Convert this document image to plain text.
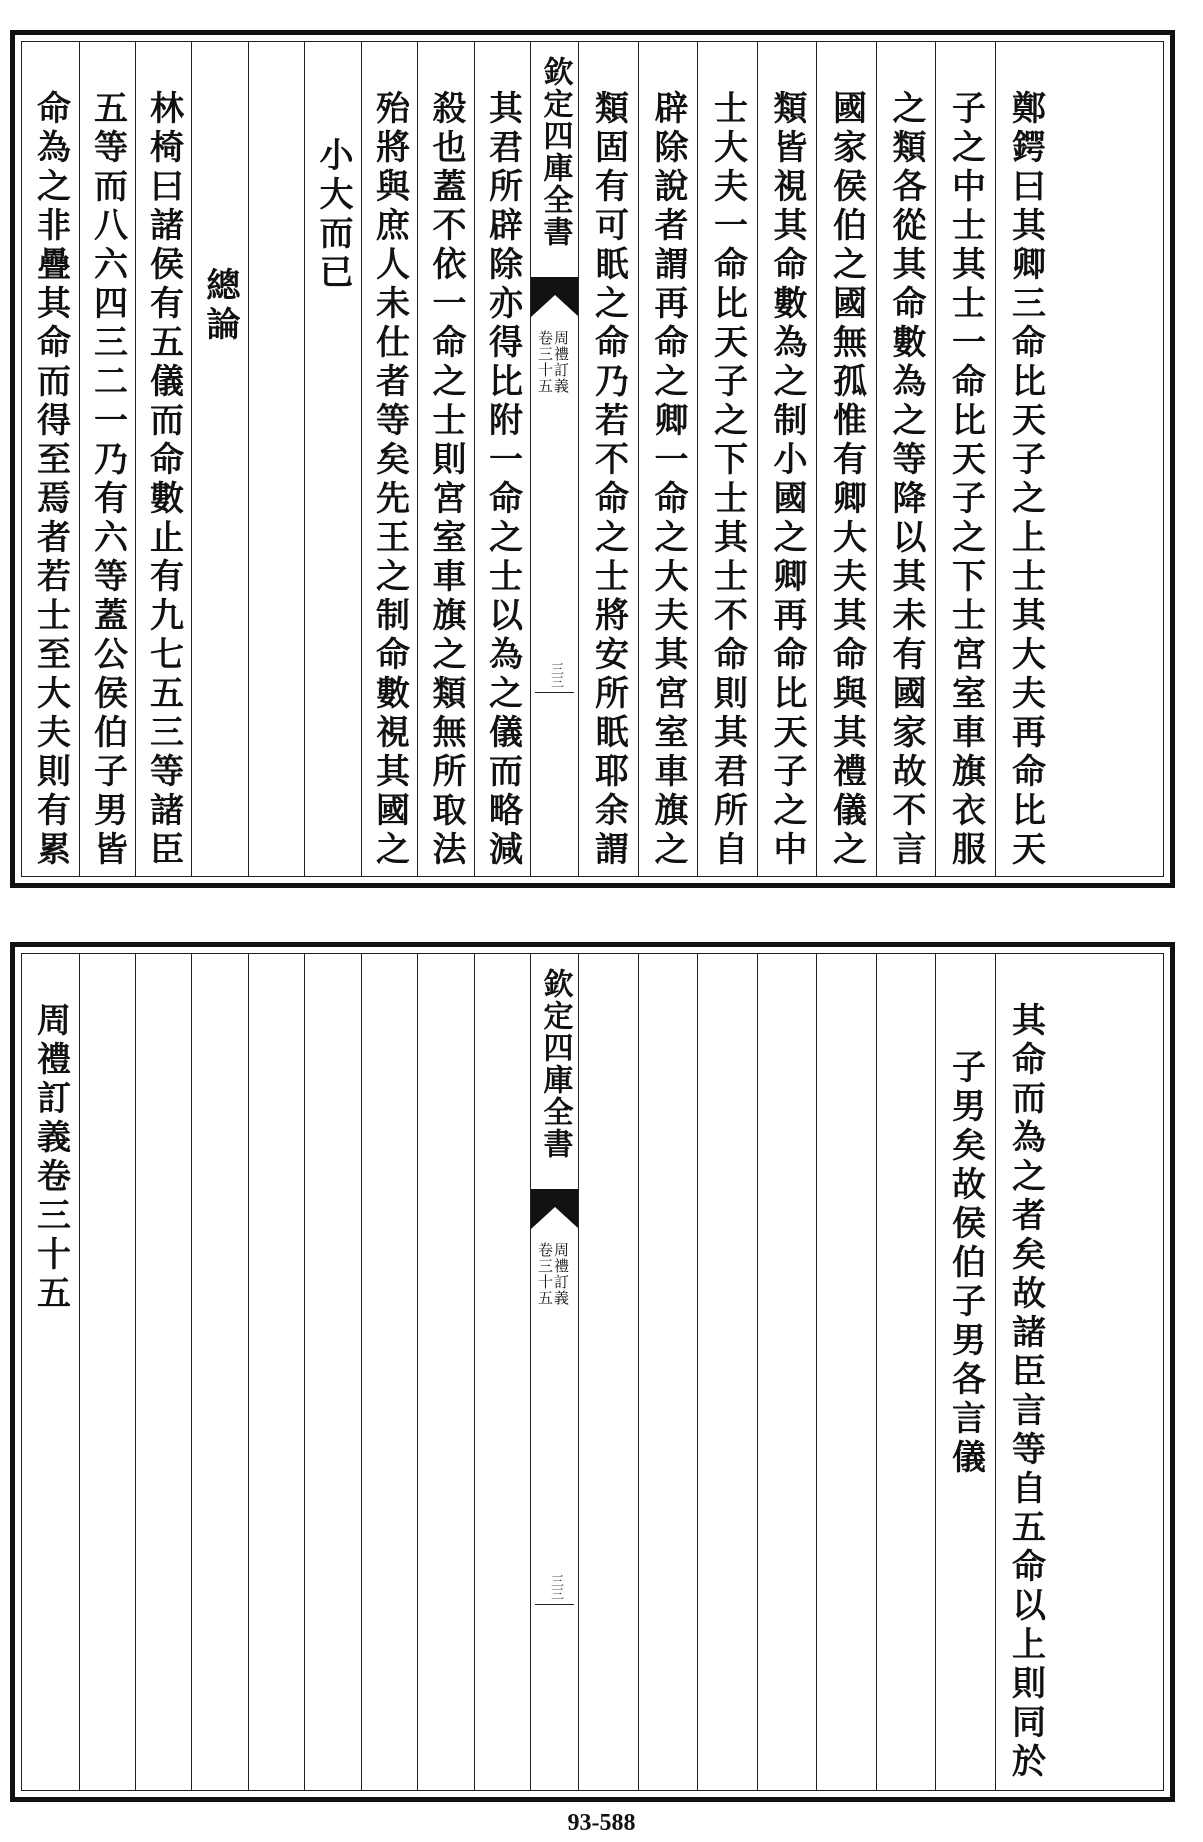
命為之非疊其命而得至焉者若士至大夫則有累 五等而八六四三二一乃有六等蓋公侯伯子男皆 林椅曰諸侯有五儀而命數止有九七五三等諸臣 總論
小大而已 殆將與庶人未仕者等矣先王之制命數視其國之 殺也蓋不依一命之士則宮室車旗之類無所取法 其君所辟除亦得比附一命之士以為之儀而略減 欽定四庫全書
周禮訂義
卷三十五
三三 類固有可眂之命乃若不命之士將安所眂耶余謂 辟除說者謂再命之卿一命之大夫其宮室車旗之 士大夫一命比天子之下士其士不命則其君所自 類皆視其命數為之制小國之卿再命比天子之中 國家侯伯之國無孤惟有卿大夫其命與其禮儀之 之類各從其命數為之等降以其未有國家故不言 子之中士其士一命比天子之下士宮室車旗衣服 鄭鍔曰其卿三命比天子之上士其大夫再命比天
周禮訂義卷三十五	欽定四庫全書
周禮訂義
卷三十五
三三
子男矣故侯伯子男各言儀 其命而為之者矣故諸臣言等自五命以上則同於
93-588
